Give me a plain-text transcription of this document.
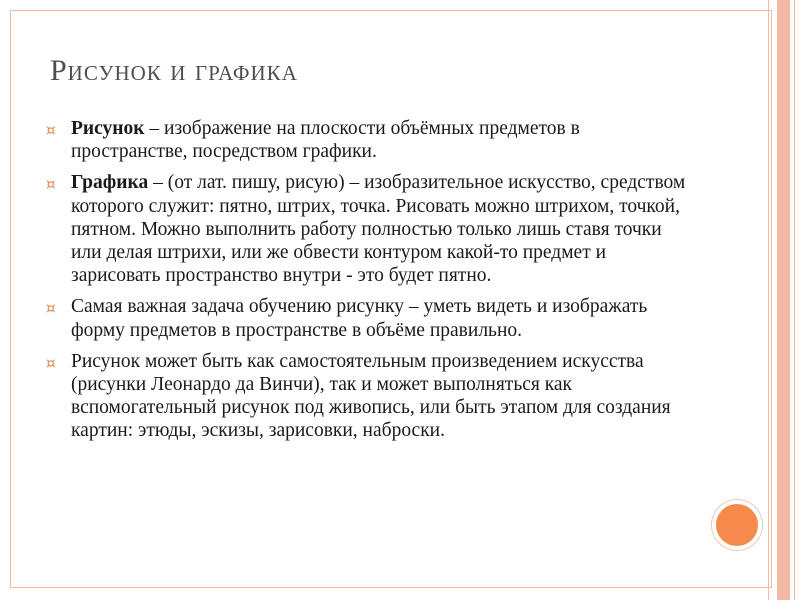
Рисунок и графика
¤ Рисунок – изображение на плоскости объёмных предметов в пространстве, посредством графики.
¤ Графика – (от лат. пишу, рисую) – изобразительное искусство, средством которого служит: пятно, штрих, точка. Рисовать можно штрихом, точкой, пятном. Можно выполнить работу полностью только лишь ставя точки или делая штрихи, или же обвести контуром какой-то предмет и зарисовать пространство внутри - это будет пятно.
¤ Самая важная задача обучению рисунку – уметь видеть и изображать форму предметов в пространстве в объёме правильно.
¤ Рисунок может быть как самостоятельным произведением искусства (рисунки Леонардо да Винчи), так и может выполняться как вспомогательный рисунок под живопись, или быть этапом для создания картин: этюды, эскизы, зарисовки, наброски.
